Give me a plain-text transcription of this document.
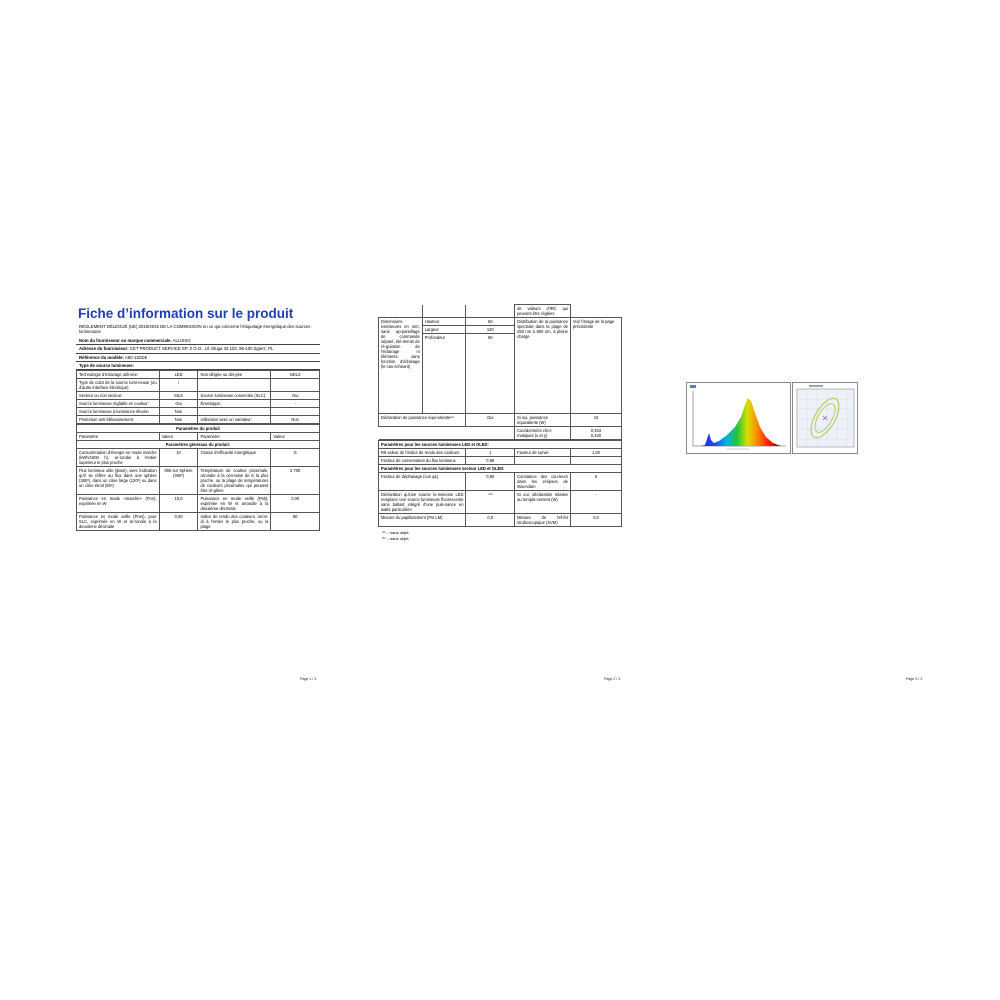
Fiche d’information sur le produit
RÈGLEMENT DÉLÉGUÉ (UE) 2019/2015 DE LA COMMISSION en ce qui concerne l'étiquetage énergétique des sources lumineuses
Nom du fournisseur ou marque commerciale. ALLISSO
Adresse du fournisseur: CET PRODUCT SERVICE SP. Z O.O., Ul. Dluga 33 102, 95-100 Zgierz, PL
Référence du modèle: A60-11DD5
Type de source lumineuse:
Technologie d'éclairage utili-sée:	LED	Non-dirigée ou diri-gée	NDLS
Type de culot de la source lumi-neuse (ou d'autre interface électrique)	/		
Secteur ou non secteur:	MLS	Source lumineuse connectée (SLC):	Oui
Source lumineuse réglable en couleur:	Oui	Enveloppe:	-
Source lumineuse à luminance élevée:	Non		
Protection anti-éblouissement:	Non	Utilisation avec un variateur:	Non
Paramètres du produit			
Paramètre	Valeur	Paramètre	Valeur
Paramètres généraux du produit:			
Consommation d'énergie en mode marche (kWh/1000 h), ar-rondie à l'entier supérieur le plus proche	10	Classe d'efficacité énergétique	G
Flux lumineux utile (ϕuse), avec indication qu'il se réfère au flux dans une sphère (360º), dans un cône large (120º) ou dans un cône étroit (90º)	806 sur Sphère (360º)	Température de couleur proximale, arrondie à la cen-taine de K la plus proche, ou la plage de températures de couleurs proximales qui peuvent être ré-glées	2 700
Puissance en mode «marche» (Pon), exprimée en W	10,0	Puissance en mode veille (Psb), exprimée en W et arrondie à la deuxième décimale	0,00
Puissance en mode veille (Pnet), pour SLC, exprimée en W et ar-rondie à la deuxième décimale	0,00	Indice de rendu des couleurs, arron-di à l'entier le plus proche, ou la plage	80
Page 1 / 3
			de valeurs d'IRC qui peuvent être réglées	
Dimensions extérieures en mm, sans ap-pareillage de commande séparé, élé-ments de ré-gulation de l'éclairage ni éléments sans fonction d'éclairage (le cas échéant)	Hauteur	60	Distribution de la puissance spectrale dans la plage de 250 nm à 800 nm, à pleine charge	Voir l'image de la page précédente
	Largeur	120		
	Profondeur	60		
Déclaration de puissance équi-valente⁽ᵃ⁾		Oui	Si oui, puissance équivalente (W)	10
			Coordonnées chro-matiques (x et y)	0,463
0,420
Paramètres pour les sources lumineuses LED et OLED:			
R9 valeur de l'indice de rendu des couleurs	1	Facteur de survie	1,00
Facteur de conservation du flux lumineux	0,96		
Paramètres pour les sources lumineuses secteur LED et OLED:			
Facteur de déphasage (cos φ1)	0,90	Constance des cou-leurs dans les el-lipses de MacAdam	6
Déclaration qu'une source lu-mineuse LED remplace une source lumineuse fluorescente sans ballast intégré d'une puis-sance en watts particulière	-⁽ᵇ⁾	Si oui, déclaration relative au rempla-cement (W)	-
Mesure du papillotement (Pst LM)	0,0	Mesure de l'ef-fet stroboscopique (SVM)	0,0
⁽ᵃ⁾ -: sans objet;
⁽ᵇ⁾ -: sans objet;
Page 2 / 3	Page 3 / 3
